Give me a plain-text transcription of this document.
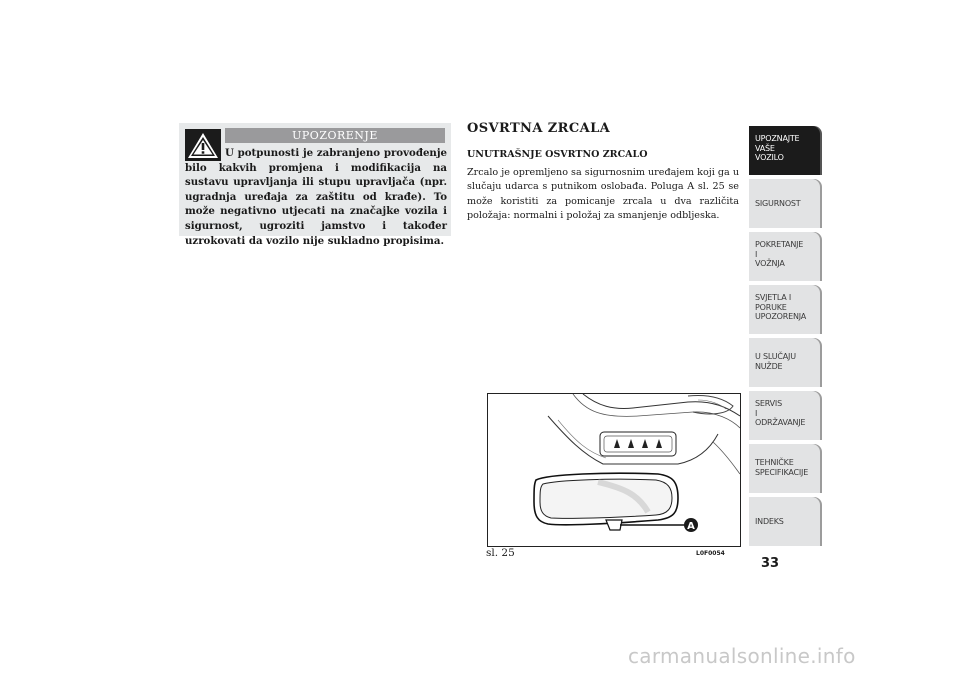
UPOZORENJE
U potpunosti je zabranjeno provođenje bilo kakvih promjena i modifikacija na sustavu upravljanja ili stupu upravljača (npr. ugradnja uređaja za zaštitu od krađe). To može negativno utjecati na značajke vozila i sigurnost, ugroziti jamstvo i također uzrokovati da vozilo nije sukladno propisima.
OSVRTNA ZRCALA
UNUTRAŠNJE OSVRTNO ZRCALO
Zrcalo je opremljeno sa sigurnosnim uređajem koji ga u slučaju udarca s putnikom oslobađa. Poluga A sl. 25 se može koristiti za pomicanje zrcala u dva različita položaja: normalni i položaj za smanjenje odbljeska.
A
sl. 25	L0F0054
UPOZNAJTE
VAŠE
VOZILO
SIGURNOST
POKRETANJE
I
VOŽNJA
SVJETLA I
PORUKE
UPOZORENJA
U SLUČAJU
NUŽDE
SERVIS
I
ODRŽAVANJE
TEHNIČKE
SPECIFIKACIJE
INDEKS
33
carmanualsonline.info
